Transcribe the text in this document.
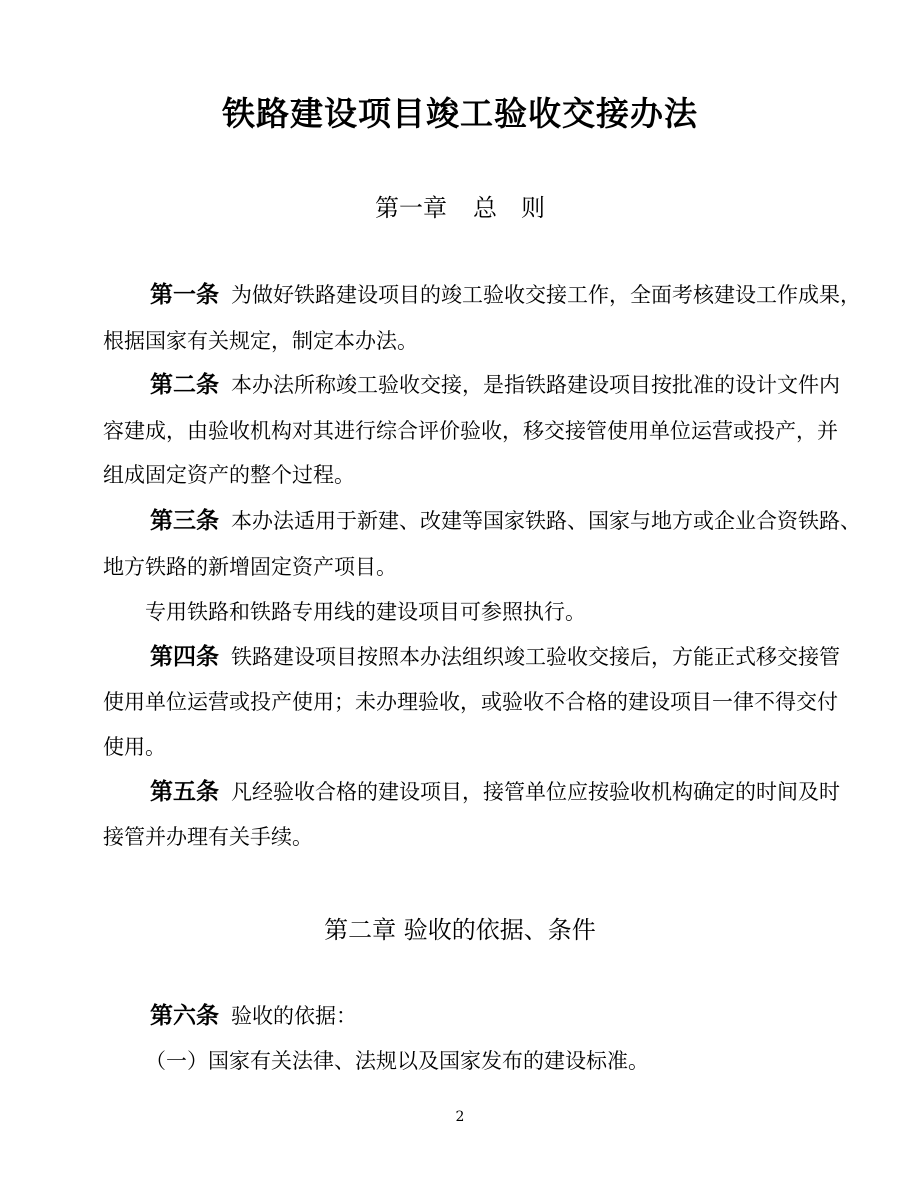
铁路建设项目竣工验收交接办法
第一章 总　则
第一条 为做好铁路建设项目的竣工验收交接工作，全面考核建设工作成果，
根据国家有关规定，制定本办法。
第二条 本办法所称竣工验收交接，是指铁路建设项目按批准的设计文件内
容建成，由验收机构对其进行综合评价验收，移交接管使用单位运营或投产，并
组成固定资产的整个过程。
第三条 本办法适用于新建、改建等国家铁路、国家与地方或企业合资铁路、
地方铁路的新增固定资产项目。
专用铁路和铁路专用线的建设项目可参照执行。
第四条 铁路建设项目按照本办法组织竣工验收交接后，方能正式移交接管
使用单位运营或投产使用；未办理验收，或验收不合格的建设项目一律不得交付
使用。
第五条 凡经验收合格的建设项目，接管单位应按验收机构确定的时间及时
接管并办理有关手续。
第二章 验收的依据、条件
第六条 验收的依据：
（一）国家有关法律、法规以及国家发布的建设标准。
2
